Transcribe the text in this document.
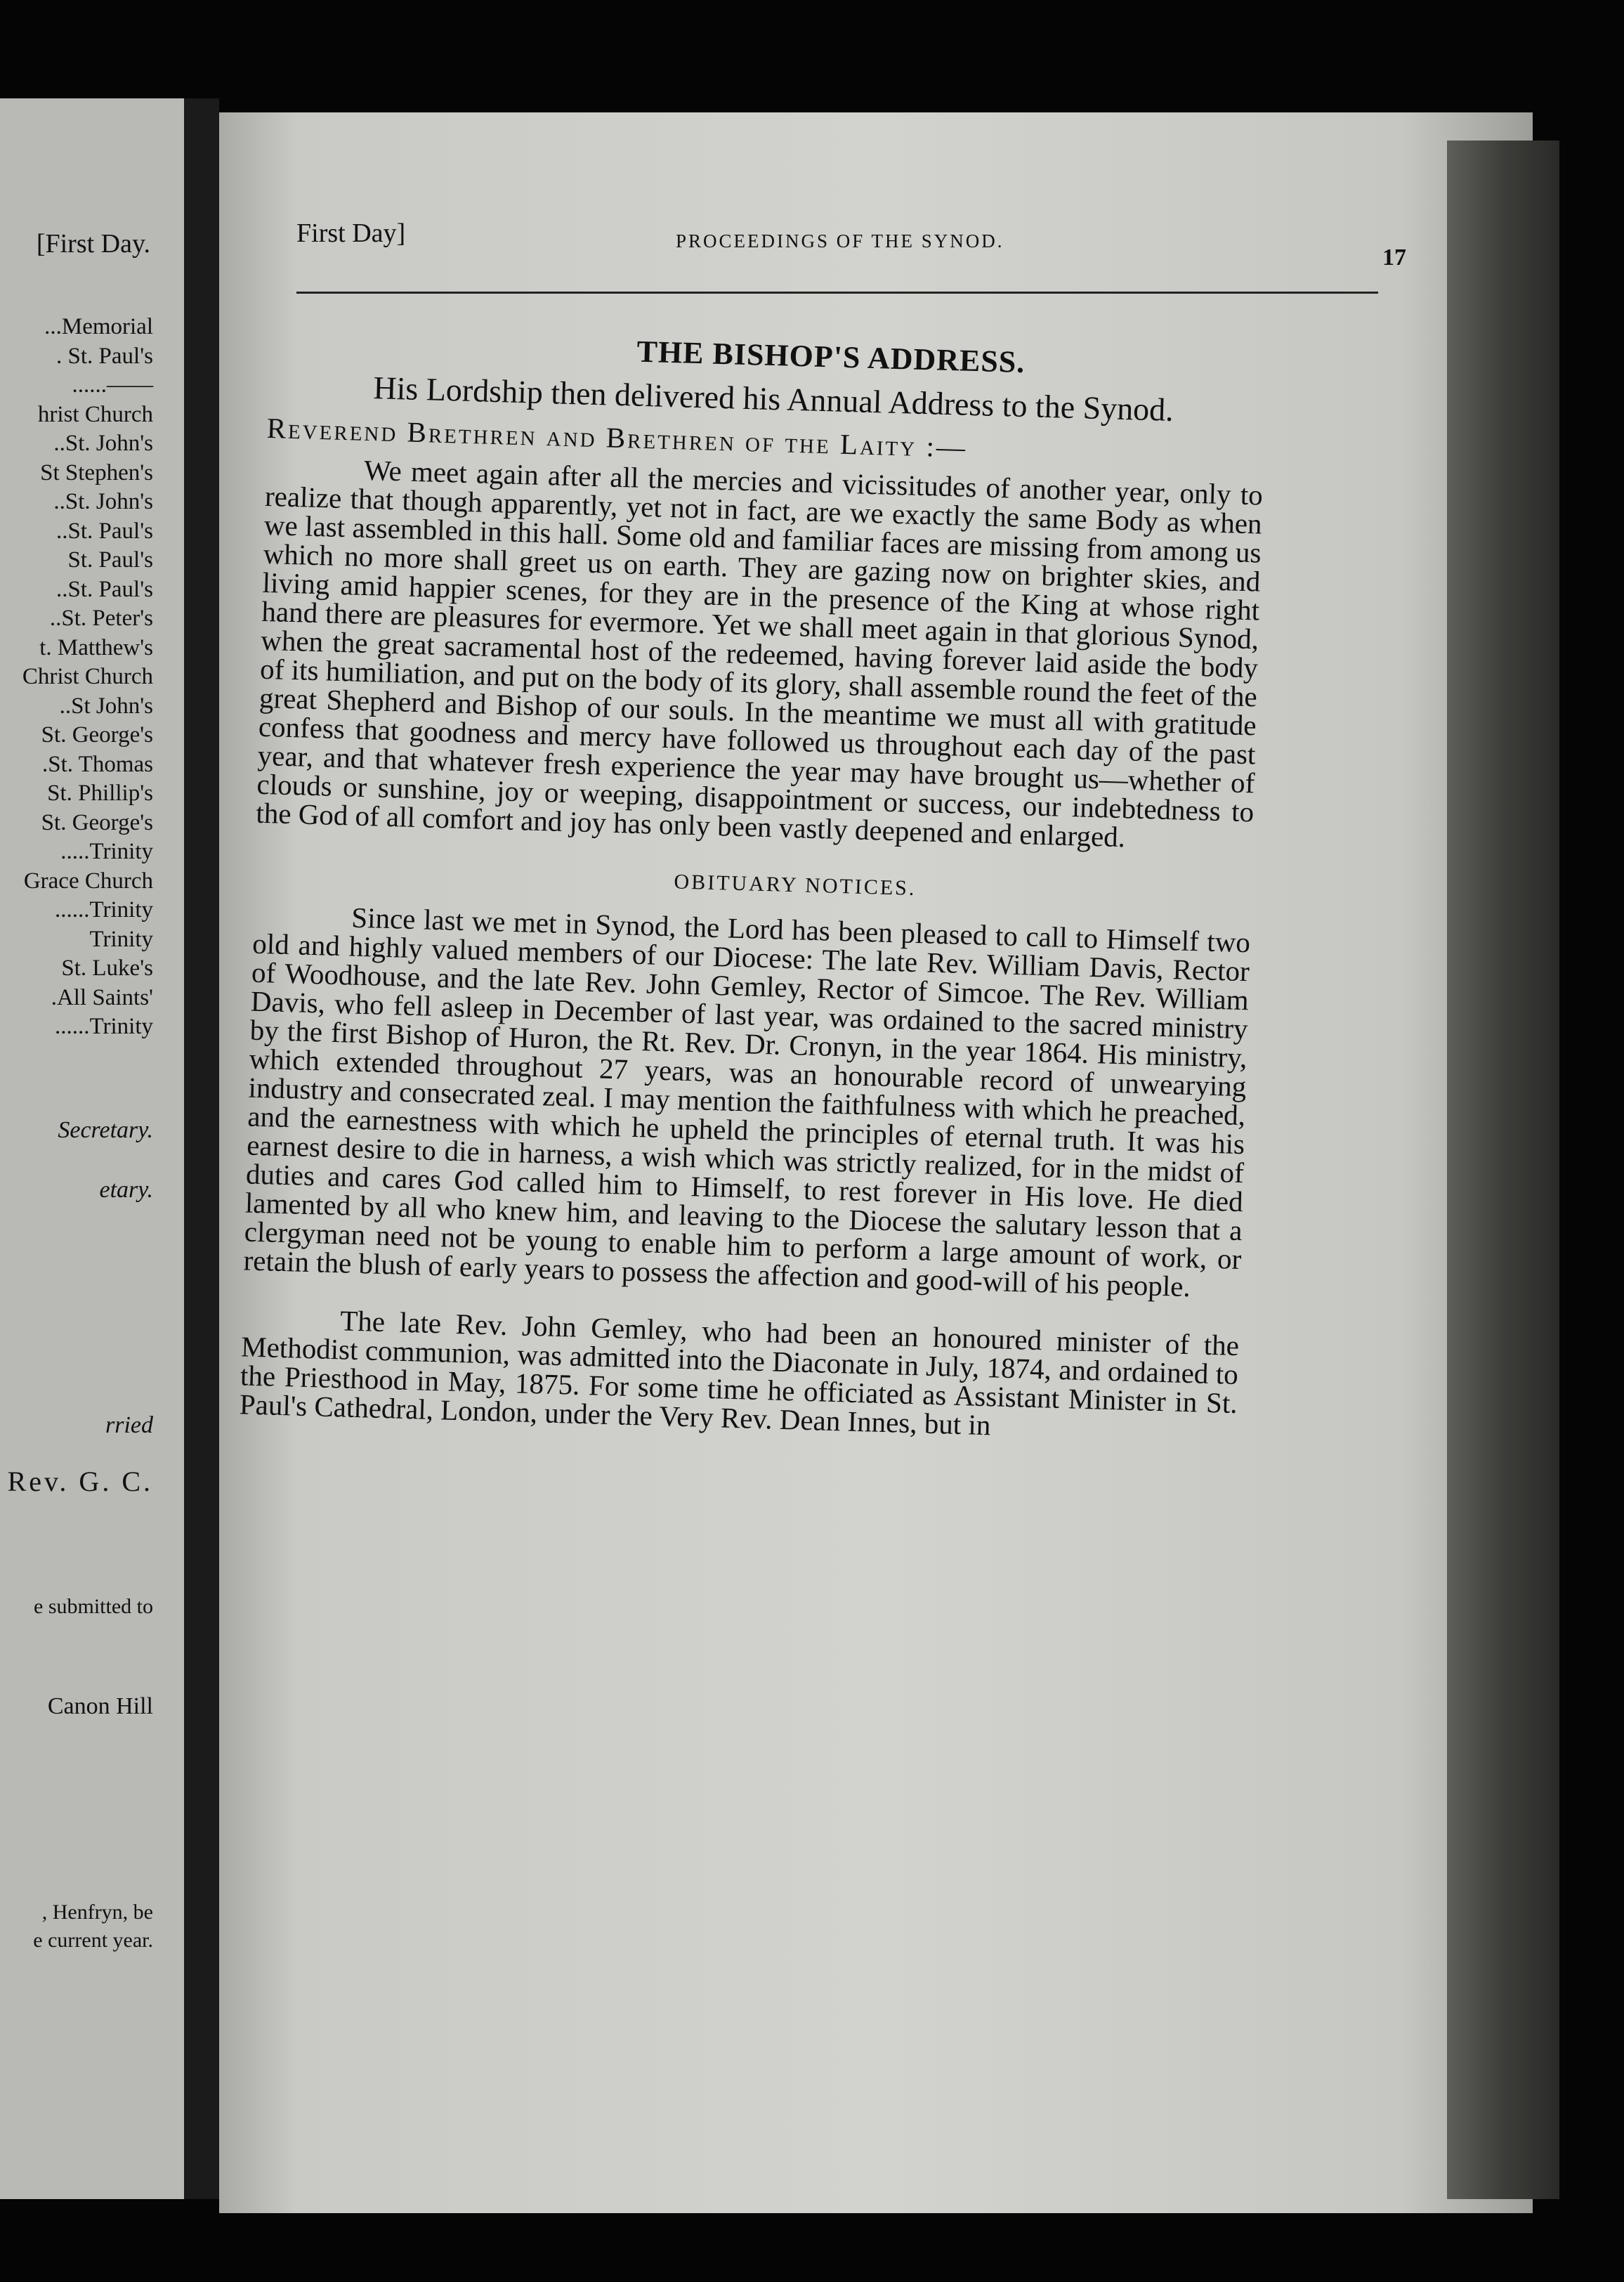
[First Day.
...Memorial
. St. Paul's
......——
hrist Church
..St. John's
St Stephen's
..St. John's
..St. Paul's
St. Paul's
..St. Paul's
..St. Peter's
t. Matthew's
Christ Church
..St John's
St. George's
.St. Thomas
St. Phillip's
St. George's
.....Trinity
Grace Church
......Trinity
Trinity
St. Luke's
.All Saints'
......Trinity
Secretary.
etary.
rried
Rev. G. C.
e submitted to
Canon Hill
, Henfryn, be
e current year.
First Day]	PROCEEDINGS OF THE SYNOD.
17
THE BISHOP'S ADDRESS.
His Lordship then delivered his Annual Address to the Synod.
Reverend Brethren and Brethren of the Laity :—

We meet again after all the mercies and vicissitudes of another year, only to realize that though apparently, yet not in fact, are we exactly the same Body as when we last assembled in this hall. Some old and familiar faces are missing from among us which no more shall greet us on earth. They are gazing now on brighter skies, and living amid happier scenes, for they are in the presence of the King at whose right hand there are pleasures for evermore. Yet we shall meet again in that glorious Synod, when the great sacramental host of the redeemed, having forever laid aside the body of its humiliation, and put on the body of its glory, shall assemble round the feet of the great Shepherd and Bishop of our souls. In the meantime we must all with gratitude confess that goodness and mercy have followed us throughout each day of the past year, and that whatever fresh experience the year may have brought us—whether of clouds or sunshine, joy or weeping, disappointment or success, our indebtedness to the God of all comfort and joy has only been vastly deepened and enlarged.

OBITUARY NOTICES.

Since last we met in Synod, the Lord has been pleased to call to Himself two old and highly valued members of our Diocese: The late Rev. William Davis, Rector of Woodhouse, and the late Rev. John Gemley, Rector of Simcoe. The Rev. William Davis, who fell asleep in December of last year, was ordained to the sacred ministry by the first Bishop of Huron, the Rt. Rev. Dr. Cronyn, in the year 1864. His ministry, which extended throughout 27 years, was an honourable record of unwearying industry and consecrated zeal. I may mention the faithfulness with which he preached, and the earnestness with which he upheld the principles of eternal truth. It was his earnest desire to die in harness, a wish which was strictly realized, for in the midst of duties and cares God called him to Himself, to rest forever in His love. He died lamented by all who knew him, and leaving to the Diocese the salutary lesson that a clergyman need not be young to enable him to perform a large amount of work, or retain the blush of early years to possess the affection and good-will of his people.

The late Rev. John Gemley, who had been an honoured minister of the Methodist communion, was admitted into the Diaconate in July, 1874, and ordained to the Priesthood in May, 1875. For some time he officiated as Assistant Minister in St. Paul's Cathedral, London, under the Very Rev. Dean Innes, but in
